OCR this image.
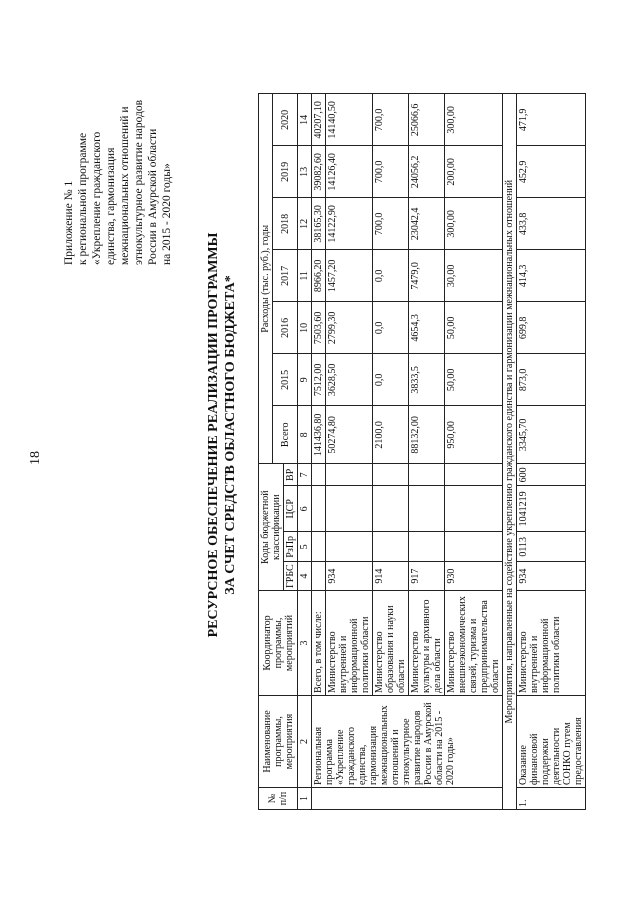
18
Приложение № 1 к региональной программе «Укрепление гражданского единства, гармонизация межнациональных отношений и этнокультурное развитие народов России в Амурской области на 2015 - 2020 годы»
РЕСУРСНОЕ ОБЕСПЕЧЕНИЕ РЕАЛИЗАЦИИ ПРОГРАММЫ ЗА СЧЕТ СРЕДСТВ ОБЛАСТНОГО БЮДЖЕТА*
№ п/п	Наименование программы, мероприятия	Координатор программы, мероприятий	Коды бюджетной классификации				Расходы (тыс. руб.), годы						
							Всего	2015	2016	2017	2018	2019	2020
			ГРБС	РзПр	ЦСР	ВР							
1	2	3	4	5	6	7	8	9	10	11	12	13	14
	Региональная программа «Укрепление гражданского единства, гармонизация межнациональных отношений и этнокультурное развитие народов России в Амурской области на 2015 - 2020 годы»	Всего, в том числе:					141436,80	7512,00	7503,60	8966,20	38165,30	39082,60	40207,10
		Министерство внутренней и информационной политики области	934				50274,80	3628,50	2799,30	1457,20	14122,90	14126,40	14140,50
		Министерство образования и науки области	914				2100,0	0,0	0,0	0,0	700,0	700,0	700,0
		Министерство культуры и архивного дела области	917				88132,00	3833,5	4654,3	7479,0	23042,4	24056,2	25066,6
		Министерство внешнеэкономических связей, туризма и предпринимательства области	930				950,00	50,00	50,00	30,00	300,00	200,00	300,00
Мероприятия, направленные на содействие укреплению гражданского единства и гармонизации межнациональных отношений													
1.	Оказание финансовой поддержки деятельности СОНКО путем предоставления	Министерство внутренней и информационной политики области	934	0113	1041219	600	3345,70	873,0	699,8	414,3	433,8	452,9	471,9
